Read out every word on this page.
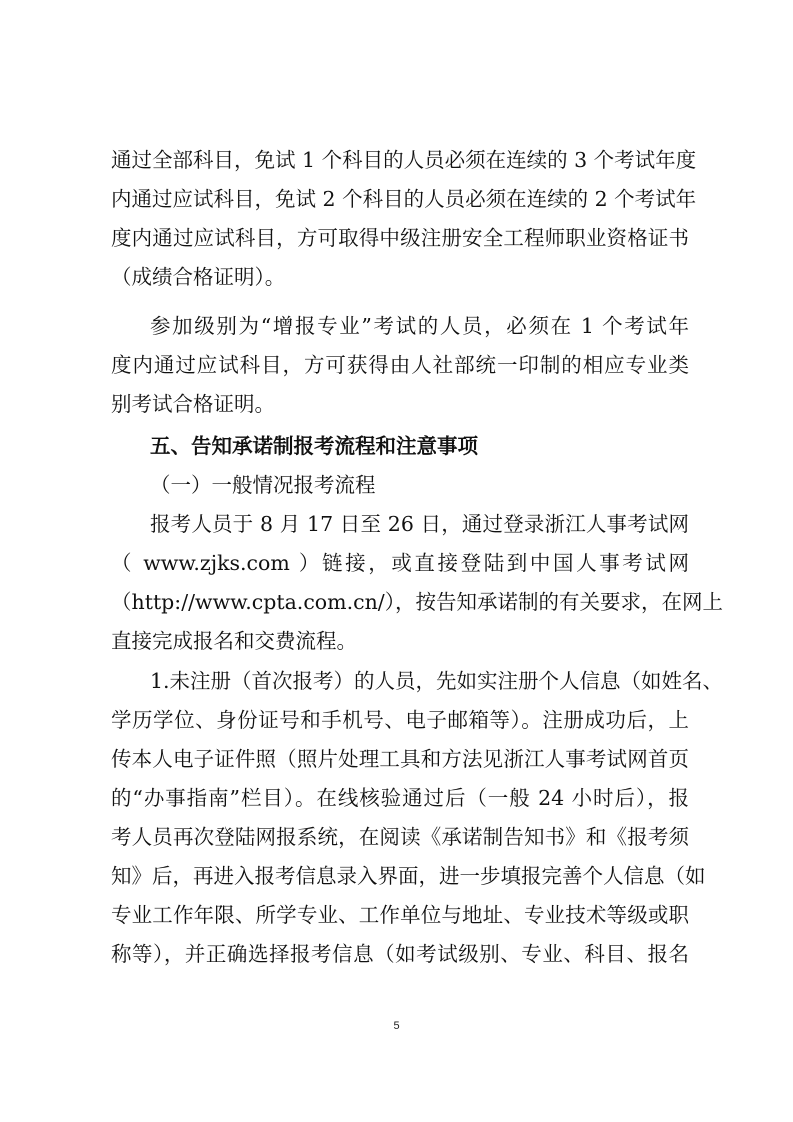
通过全部科目，免试 1 个科目的人员必须在连续的 3 个考试年度
内通过应试科目，免试 2 个科目的人员必须在连续的 2 个考试年
度内通过应试科目，方可取得中级注册安全工程师职业资格证书
（成绩合格证明）。
参加级别为“增报专业”考试的人员，必须在 1 个考试年
度内通过应试科目，方可获得由人社部统一印制的相应专业类
别考试合格证明。
五、告知承诺制报考流程和注意事项
（一）一般情况报考流程
报考人员于 8 月 17 日至 26 日，通过登录浙江人事考试网
（ www.zjks.com ）链接，或直接登陆到中国人事考试网
（http://www.cpta.com.cn/），按告知承诺制的有关要求，在网上
直接完成报名和交费流程。
1.未注册（首次报考）的人员，先如实注册个人信息（如姓名、
学历学位、身份证号和手机号、电子邮箱等）。注册成功后，上
传本人电子证件照（照片处理工具和方法见浙江人事考试网首页
的“办事指南”栏目）。在线核验通过后（一般 24 小时后），报
考人员再次登陆网报系统，在阅读《承诺制告知书》和《报考须
知》后，再进入报考信息录入界面，进一步填报完善个人信息（如
专业工作年限、所学专业、工作单位与地址、专业技术等级或职
称等），并正确选择报考信息（如考试级别、专业、科目、报名
5
